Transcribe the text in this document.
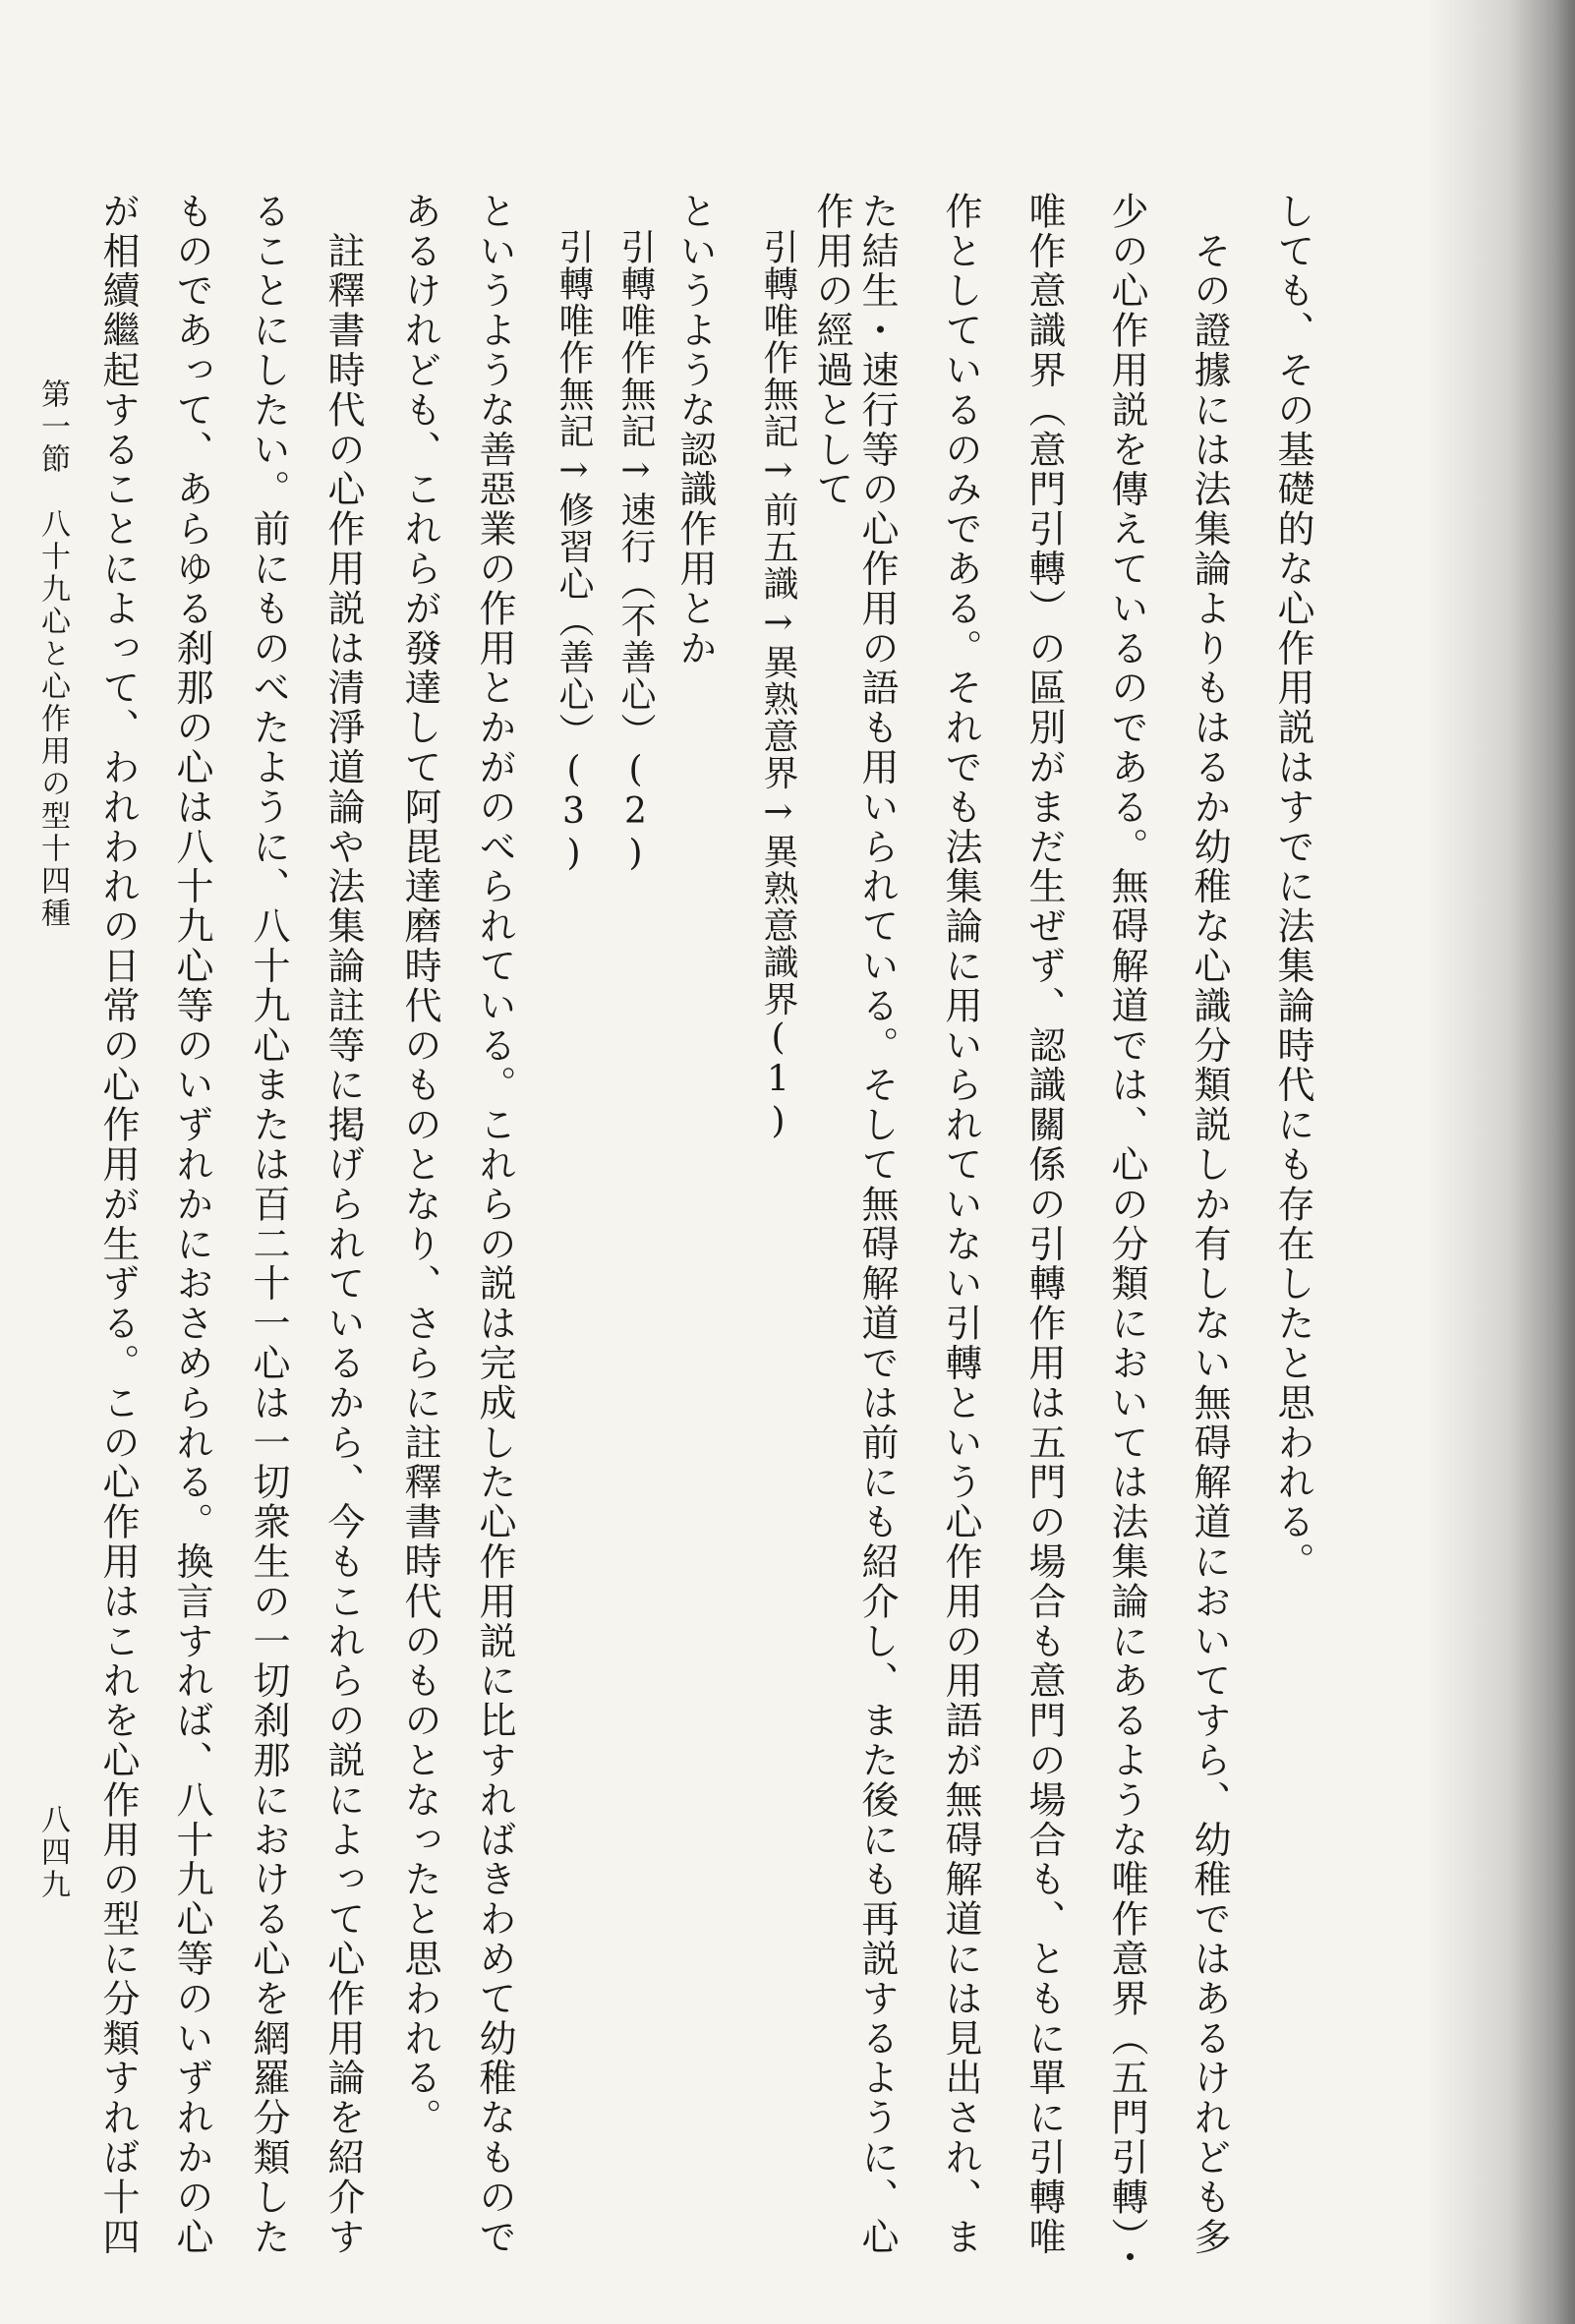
しても、その基礎的な心作用説はすでに法集論時代にも存在したと思われる。
　その證據には法集論よりもはるか幼稚な心識分類説しか有しない無碍解道においてすら、幼稚ではあるけれども多
少の心作用説を傳えているのである。無碍解道では、心の分類においては法集論にあるような唯作意界（五門引轉）・
唯作意識界（意門引轉）の區別がまだ生ぜず、認識關係の引轉作用は五門の場合も意門の場合も、ともに單に引轉唯
作としているのみである。それでも法集論に用いられていない引轉という心作用の用語が無碍解道には見出され、ま
た結生・速行等の心作用の語も用いられている。そして無碍解道では前にも紹介し、また後にも再説するように、心
作用の經過として
　引轉唯作無記→前五識→異熟意界→異熟意識界(1)
というような認識作用とか
　引轉唯作無記→速行（不善心）(2)
　引轉唯作無記→修習心（善心）(3)
というような善惡業の作用とかがのべられている。これらの説は完成した心作用説に比すればきわめて幼稚なもので
あるけれども、これらが發達して阿毘達磨時代のものとなり、さらに註釋書時代のものとなったと思われる。
　註釋書時代の心作用説は清淨道論や法集論註等に掲げられているから、今もこれらの説によって心作用論を紹介す
ることにしたい。前にものべたように、八十九心または百二十一心は一切衆生の一切刹那における心を網羅分類した
ものであって、あらゆる刹那の心は八十九心等のいずれかにおさめられる。換言すれば、八十九心等のいずれかの心
が相續繼起することによって、われわれの日常の心作用が生ずる。この心作用はこれを心作用の型に分類すれば十四
第一節　八十九心と心作用の型十四種
八四九
